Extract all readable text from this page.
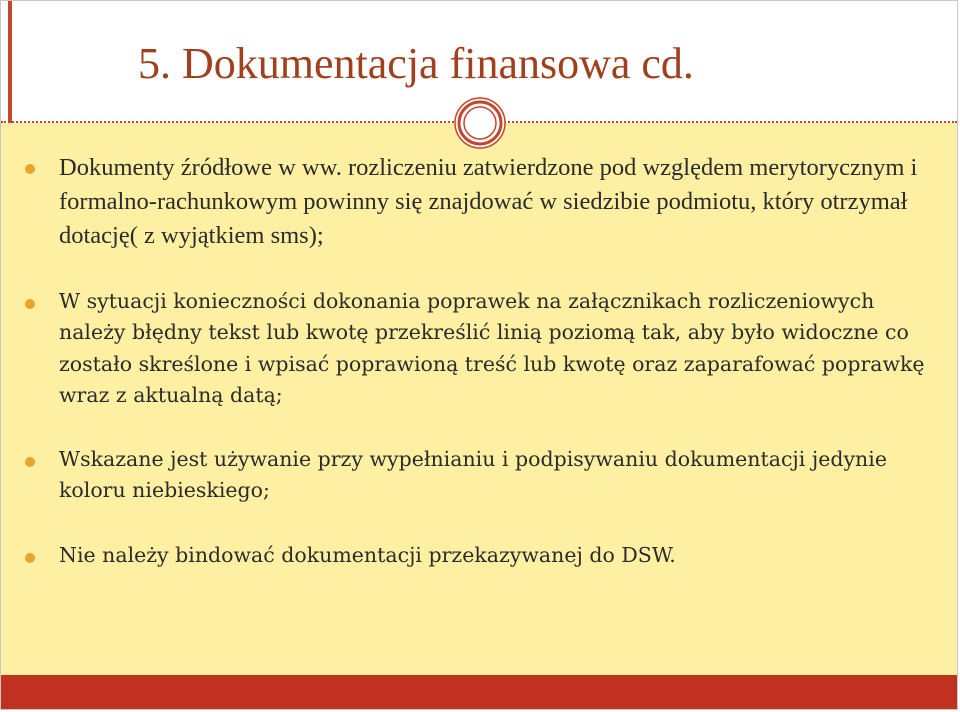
5. Dokumentacja finansowa cd.
Dokumenty źródłowe w ww. rozliczeniu zatwierdzone pod względem merytorycznym i formalno-rachunkowym powinny się znajdować w siedzibie podmiotu, który otrzymał dotację( z wyjątkiem sms);
W sytuacji konieczności dokonania poprawek na załącznikach rozliczeniowych należy błędny tekst lub kwotę przekreślić linią poziomą tak, aby było widoczne co zostało skreślone i wpisać poprawioną treść lub kwotę oraz zaparafować poprawkę wraz z aktualną datą;
Wskazane jest używanie przy wypełnianiu i podpisywaniu dokumentacji jedynie koloru niebieskiego;
Nie należy bindować dokumentacji przekazywanej do DSW.
